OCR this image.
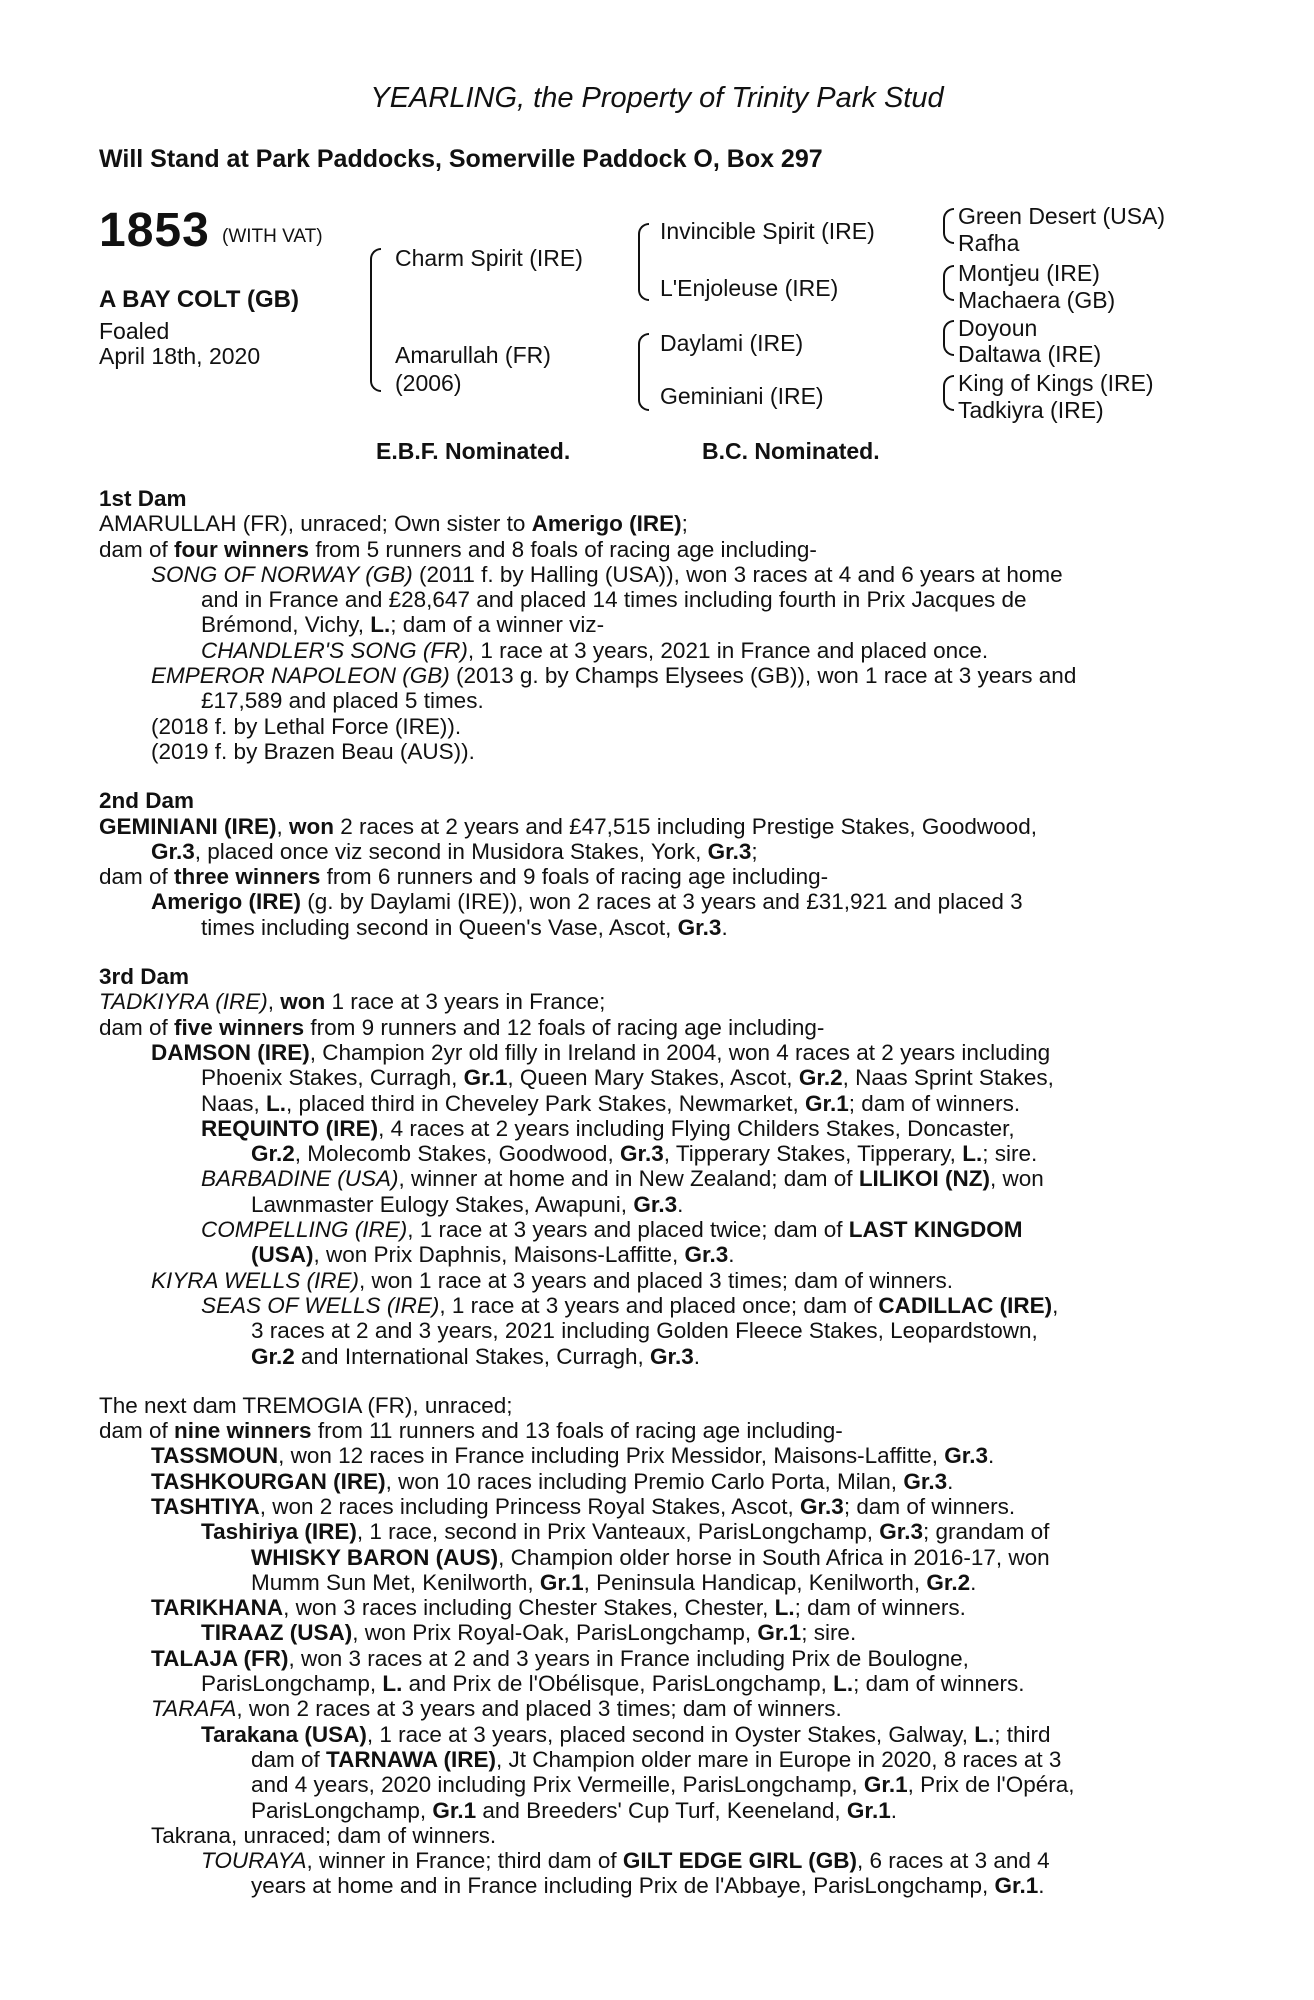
YEARLING, the Property of Trinity Park Stud
Will Stand at Park Paddocks, Somerville Paddock O, Box 297
1853 (WITH VAT)
A BAY COLT (GB)
Foaled
April 18th, 2020
Charm Spirit (IRE)
Amarullah (FR)
(2006)
Invincible Spirit (IRE)
L'Enjoleuse (IRE)
Daylami (IRE)
Geminiani (IRE)
Green Desert (USA)
Rafha
Montjeu (IRE)
Machaera (GB)
Doyoun
Daltawa (IRE)
King of Kings (IRE)
Tadkiyra (IRE)
E.B.F. Nominated.	B.C. Nominated.

1st Dam

AMARULLAH (FR), unraced; Own sister to Amerigo (IRE);

dam of four winners from 5 runners and 8 foals of racing age including-

SONG OF NORWAY (GB) (2011 f. by Halling (USA)), won 3 races at 4 and 6 years at home

and in France and £28,647 and placed 14 times including fourth in Prix Jacques de

Brémond, Vichy, L.; dam of a winner viz-

CHANDLER'S SONG (FR), 1 race at 3 years, 2021 in France and placed once.

EMPEROR NAPOLEON (GB) (2013 g. by Champs Elysees (GB)), won 1 race at 3 years and

£17,589 and placed 5 times.

(2018 f. by Lethal Force (IRE)).

(2019 f. by Brazen Beau (AUS)).

2nd Dam

GEMINIANI (IRE), won 2 races at 2 years and £47,515 including Prestige Stakes, Goodwood,

Gr.3, placed once viz second in Musidora Stakes, York, Gr.3;

dam of three winners from 6 runners and 9 foals of racing age including-

Amerigo (IRE) (g. by Daylami (IRE)), won 2 races at 3 years and £31,921 and placed 3

times including second in Queen's Vase, Ascot, Gr.3.

3rd Dam

TADKIYRA (IRE), won 1 race at 3 years in France;

dam of five winners from 9 runners and 12 foals of racing age including-

DAMSON (IRE), Champion 2yr old filly in Ireland in 2004, won 4 races at 2 years including

Phoenix Stakes, Curragh, Gr.1, Queen Mary Stakes, Ascot, Gr.2, Naas Sprint Stakes,

Naas, L., placed third in Cheveley Park Stakes, Newmarket, Gr.1; dam of winners.

REQUINTO (IRE), 4 races at 2 years including Flying Childers Stakes, Doncaster,

Gr.2, Molecomb Stakes, Goodwood, Gr.3, Tipperary Stakes, Tipperary, L.; sire.

BARBADINE (USA), winner at home and in New Zealand; dam of LILIKOI (NZ), won

Lawnmaster Eulogy Stakes, Awapuni, Gr.3.

COMPELLING (IRE), 1 race at 3 years and placed twice; dam of LAST KINGDOM

(USA), won Prix Daphnis, Maisons-Laffitte, Gr.3.

KIYRA WELLS (IRE), won 1 race at 3 years and placed 3 times; dam of winners.

SEAS OF WELLS (IRE), 1 race at 3 years and placed once; dam of CADILLAC (IRE),

3 races at 2 and 3 years, 2021 including Golden Fleece Stakes, Leopardstown,

Gr.2 and International Stakes, Curragh, Gr.3.

The next dam TREMOGIA (FR), unraced;

dam of nine winners from 11 runners and 13 foals of racing age including-

TASSMOUN, won 12 races in France including Prix Messidor, Maisons-Laffitte, Gr.3.

TASHKOURGAN (IRE), won 10 races including Premio Carlo Porta, Milan, Gr.3.

TASHTIYA, won 2 races including Princess Royal Stakes, Ascot, Gr.3; dam of winners.

Tashiriya (IRE), 1 race, second in Prix Vanteaux, ParisLongchamp, Gr.3; grandam of

WHISKY BARON (AUS), Champion older horse in South Africa in 2016-17, won

Mumm Sun Met, Kenilworth, Gr.1, Peninsula Handicap, Kenilworth, Gr.2.

TARIKHANA, won 3 races including Chester Stakes, Chester, L.; dam of winners.

TIRAAZ (USA), won Prix Royal-Oak, ParisLongchamp, Gr.1; sire.

TALAJA (FR), won 3 races at 2 and 3 years in France including Prix de Boulogne,

ParisLongchamp, L. and Prix de l'Obélisque, ParisLongchamp, L.; dam of winners.

TARAFA, won 2 races at 3 years and placed 3 times; dam of winners.

Tarakana (USA), 1 race at 3 years, placed second in Oyster Stakes, Galway, L.; third

dam of TARNAWA (IRE), Jt Champion older mare in Europe in 2020, 8 races at 3

and 4 years, 2020 including Prix Vermeille, ParisLongchamp, Gr.1, Prix de l'Opéra,

ParisLongchamp, Gr.1 and Breeders' Cup Turf, Keeneland, Gr.1.

Takrana, unraced; dam of winners.

TOURAYA, winner in France; third dam of GILT EDGE GIRL (GB), 6 races at 3 and 4

years at home and in France including Prix de l'Abbaye, ParisLongchamp, Gr.1.
